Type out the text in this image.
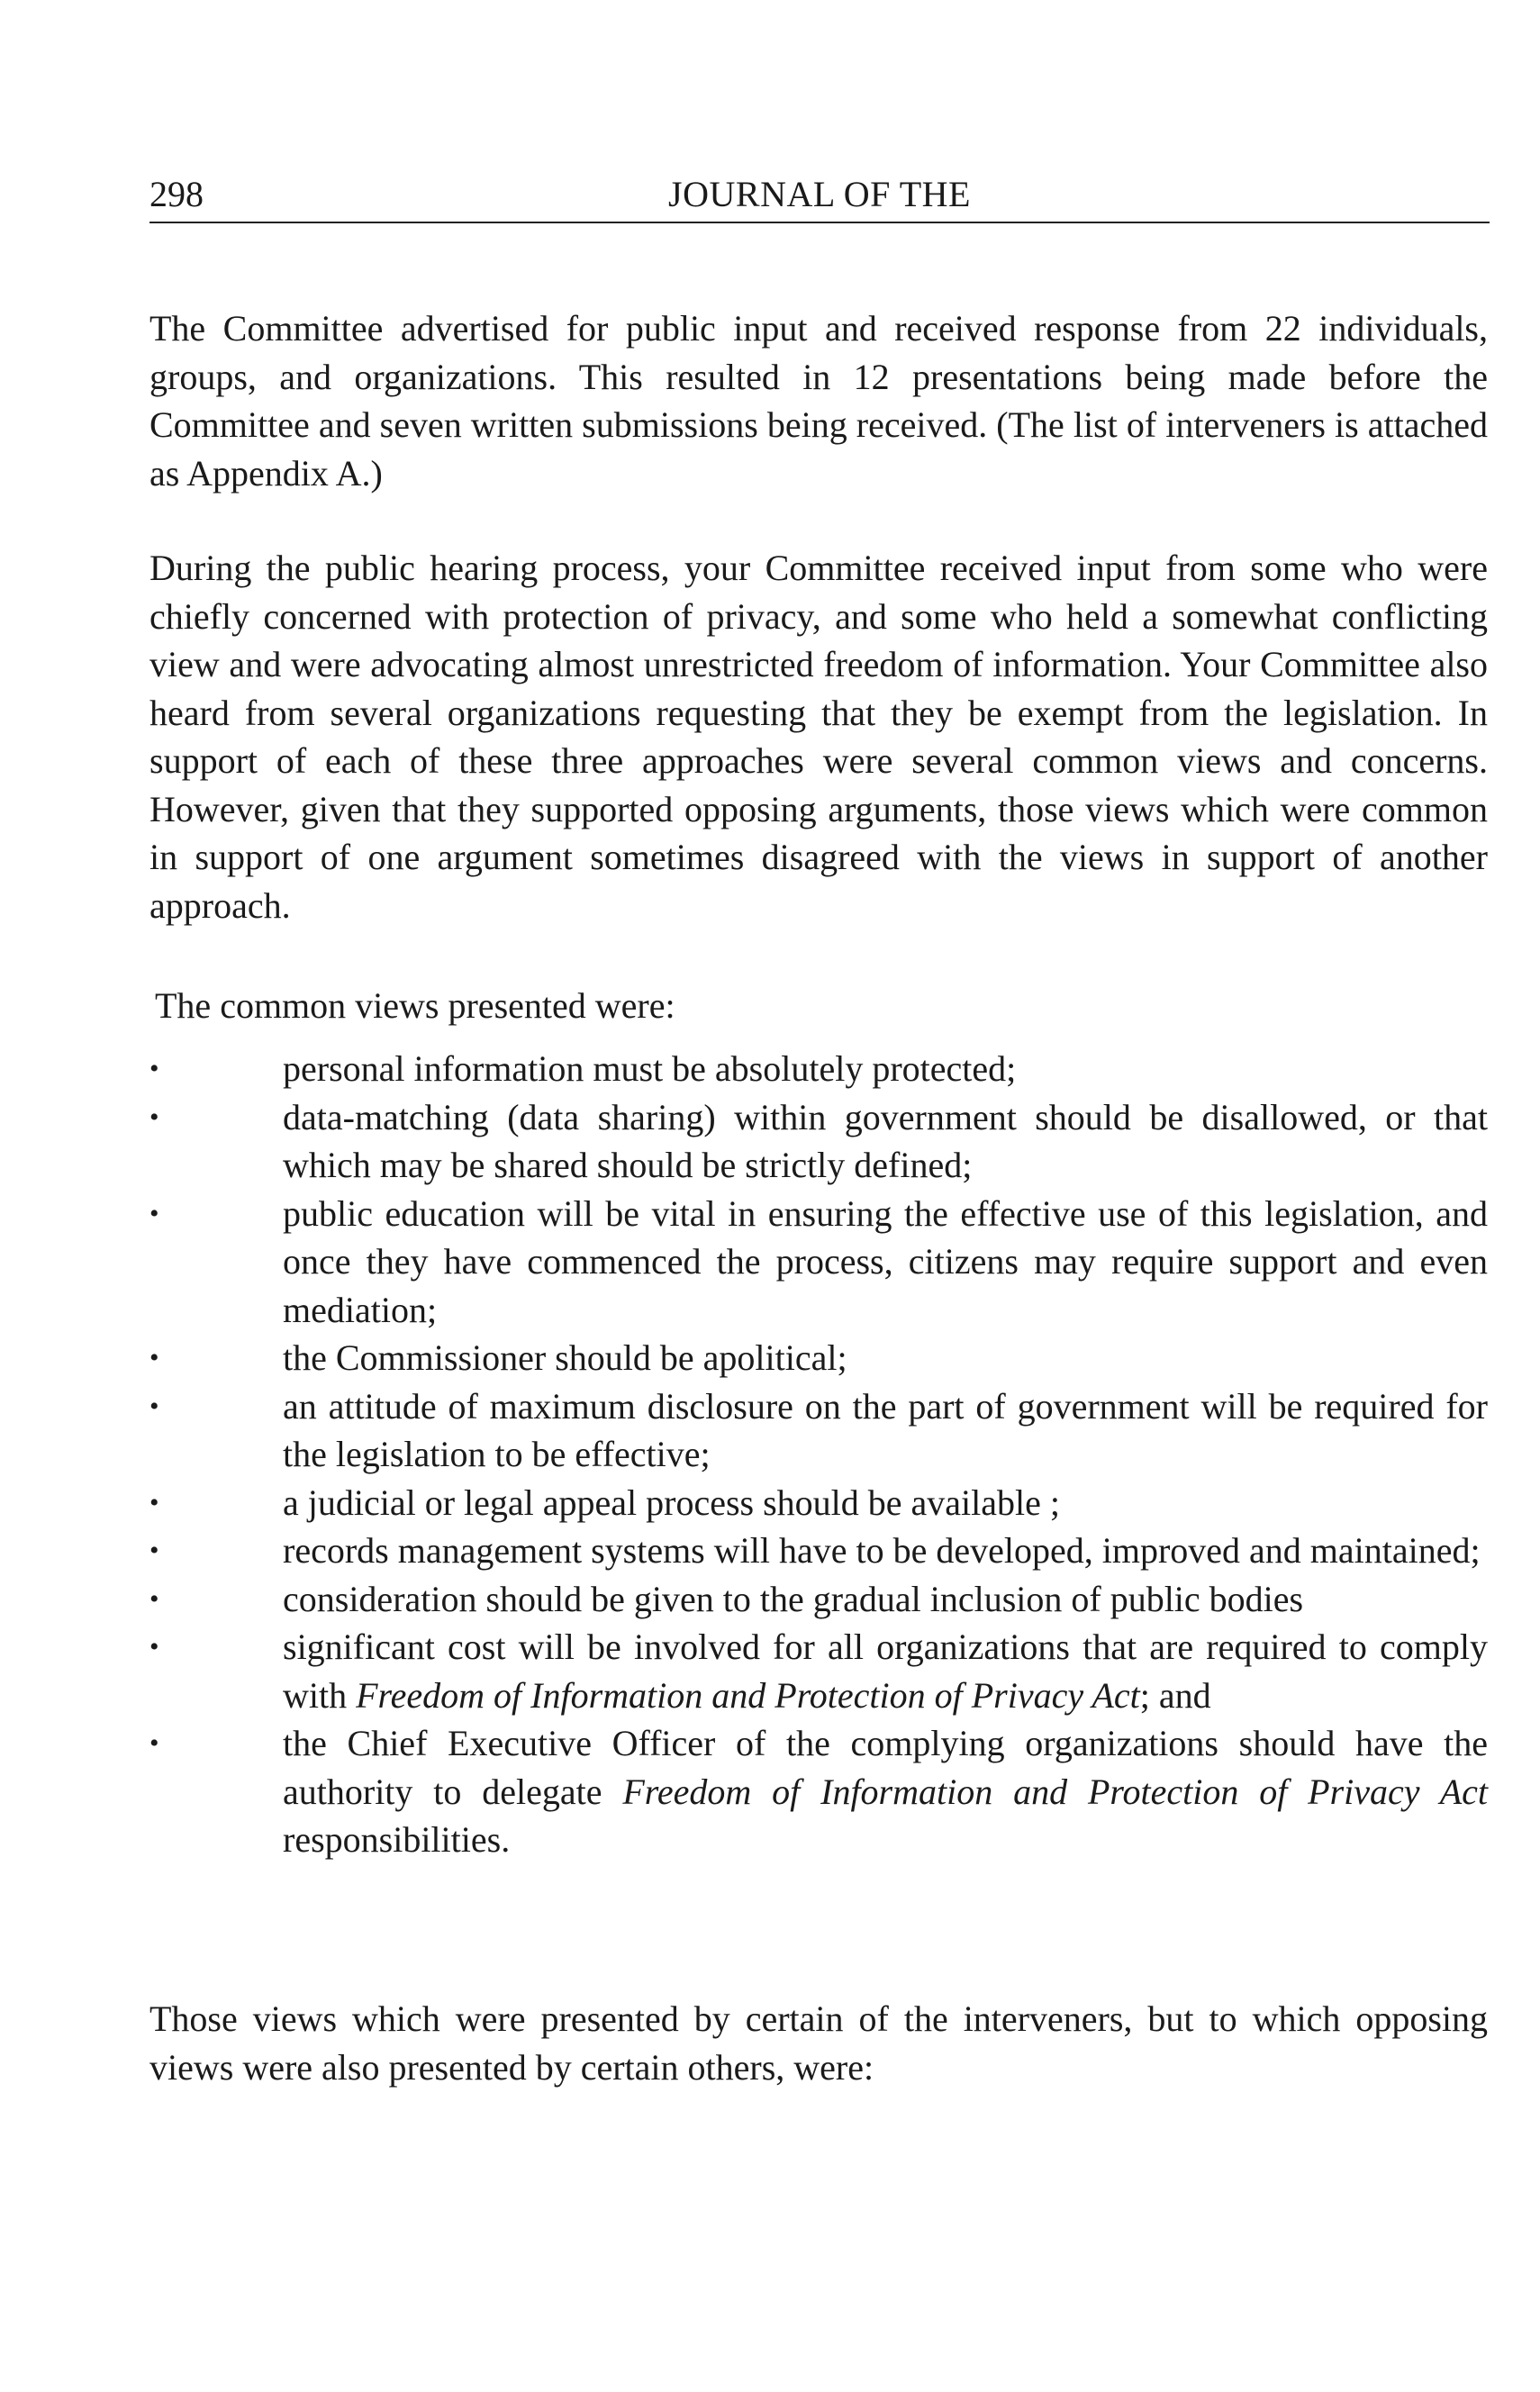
298	JOURNAL OF THE

The Committee advertised for public input and received response from 22 individuals, groups, and organizations. This resulted in 12 presentations being made before the Committee and seven written submissions being received. (The list of interveners is attached as Appendix A.)

During the public hearing process, your Committee received input from some who were chiefly concerned with protection of privacy, and some who held a somewhat conflicting view and were advocating almost unrestricted freedom of information. Your Committee also heard from several organizations requesting that they be exempt from the legislation. In support of each of these three approaches were several common views and concerns. However, given that they supported opposing arguments, those views which were common in support of one argument sometimes disagreed with the views in support of another approach.

The common views presented were:

•	personal information must be absolutely protected;
•	data-matching (data sharing) within government should be disallowed, or that which may be shared should be strictly defined;
•	public education will be vital in ensuring the effective use of this legislation, and once they have commenced the process, citizens may require support and even mediation;
•	the Commissioner should be apolitical;
•	an attitude of maximum disclosure on the part of government will be required for the legislation to be effective;
•	a judicial or legal appeal process should be available ;
•	records management systems will have to be developed, improved and maintained;
•	consideration should be given to the gradual inclusion of public bodies
•	significant cost will be involved for all organizations that are required to comply with Freedom of Information and Protection of Privacy Act; and
•	the Chief Executive Officer of the complying organizations should have the authority to delegate Freedom of Information and Protection of Privacy Act responsibilities.

Those views which were presented by certain of the interveners, but to which opposing views were also presented by certain others, were:
